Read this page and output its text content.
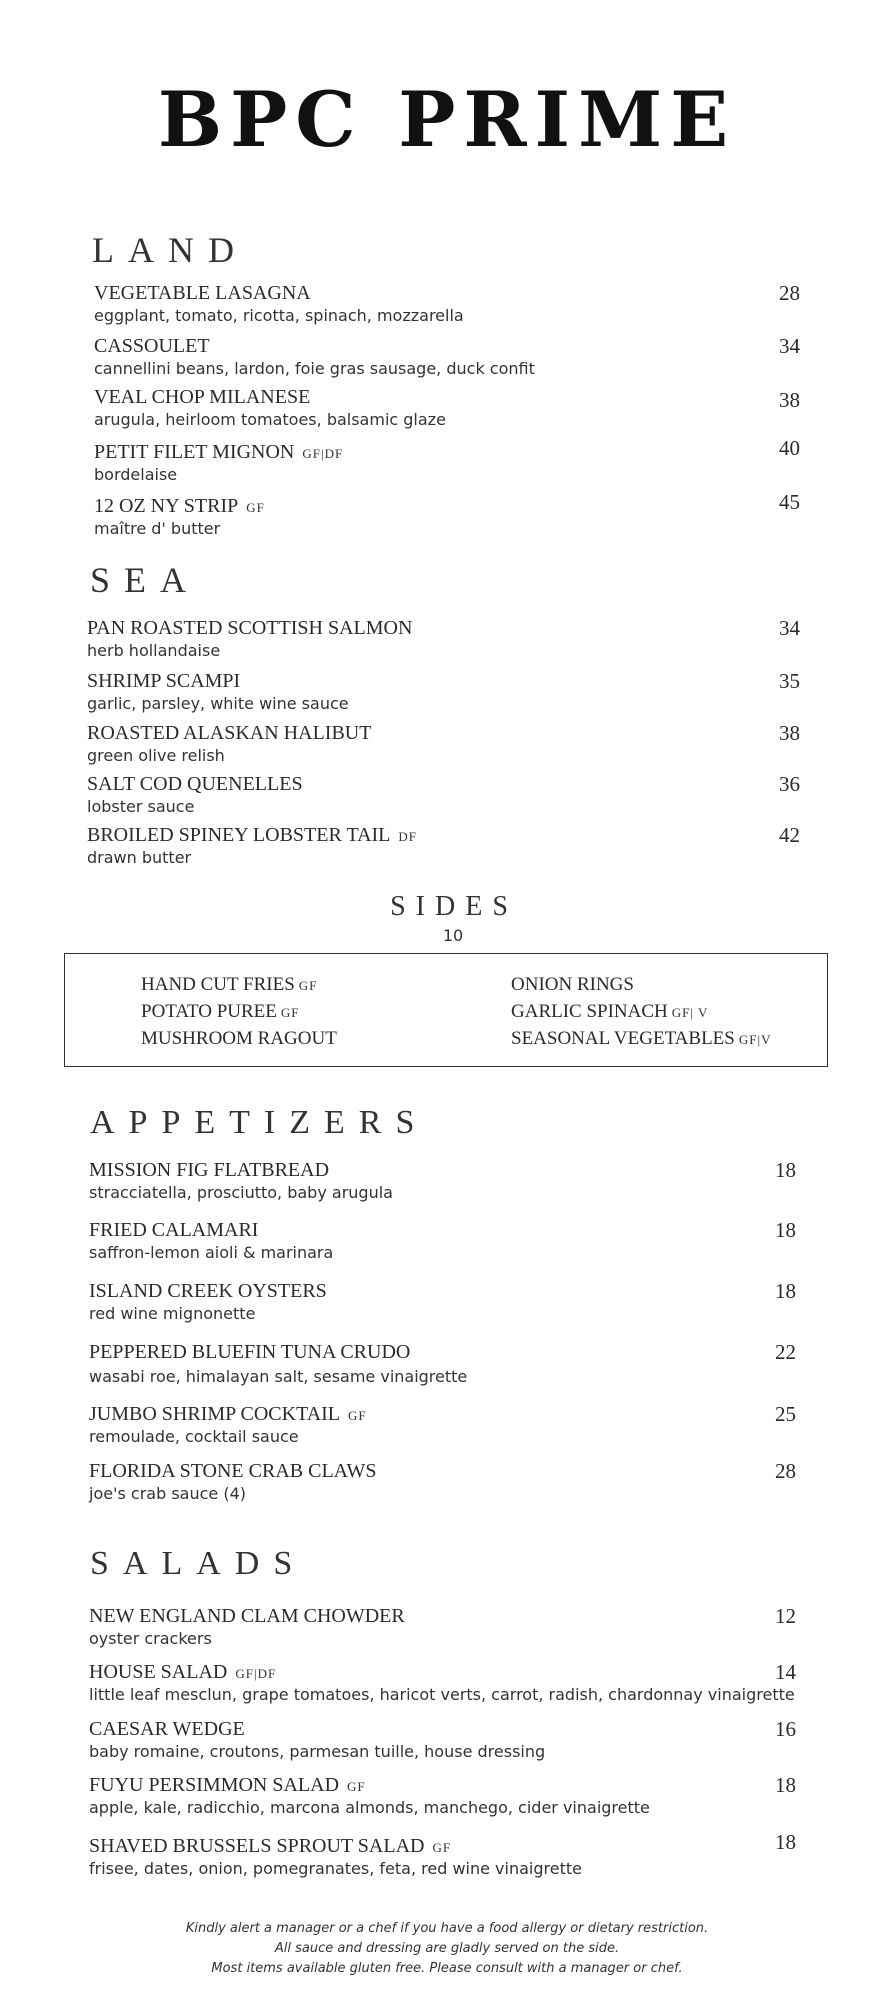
BPC PRIME
LAND
VEGETABLE LASAGNA
eggplant, tomato, ricotta, spinach, mozzarella
28
CASSOULET
cannellini beans, lardon, foie gras sausage, duck confit
34
VEAL CHOP MILANESE
arugula, heirloom tomatoes, balsamic glaze
38
PETIT FILET MIGNON GF|DF
bordelaise
40
12 OZ NY STRIP GF
maître d' butter
45
SEA
PAN ROASTED SCOTTISH SALMON
herb hollandaise
34
SHRIMP SCAMPI
garlic, parsley, white wine sauce
35
ROASTED ALASKAN HALIBUT
green olive relish
38
SALT COD QUENELLES
lobster sauce
36
BROILED SPINEY LOBSTER TAIL DF
drawn butter
42
SIDES
10
HAND CUT FRIES GF	ONION RINGS
POTATO PUREE GF	GARLIC SPINACH GF| V
MUSHROOM RAGOUT	SEASONAL VEGETABLES GF|V
APPETIZERS
MISSION FIG FLATBREAD
stracciatella, prosciutto, baby arugula
18
FRIED CALAMARI
saffron-lemon aioli & marinara
18
ISLAND CREEK OYSTERS
red wine mignonette
18
PEPPERED BLUEFIN TUNA CRUDO
wasabi roe, himalayan salt, sesame vinaigrette
22
JUMBO SHRIMP COCKTAIL GF
remoulade, cocktail sauce
25
FLORIDA STONE CRAB CLAWS
joe's crab sauce (4)
28
SALADS
NEW ENGLAND CLAM CHOWDER
oyster crackers
12
HOUSE SALAD GF|DF
little leaf mesclun, grape tomatoes, haricot verts, carrot, radish, chardonnay vinaigrette
14
CAESAR WEDGE
baby romaine, croutons, parmesan tuille, house dressing
16
FUYU PERSIMMON SALAD GF
apple, kale, radicchio, marcona almonds, manchego, cider vinaigrette
18
SHAVED BRUSSELS SPROUT SALAD GF
frisee, dates, onion, pomegranates, feta, red wine vinaigrette
18
Kindly alert a manager or a chef if you have a food allergy or dietary restriction.
All sauce and dressing are gladly served on the side.
Most items available gluten free. Please consult with a manager or chef.
